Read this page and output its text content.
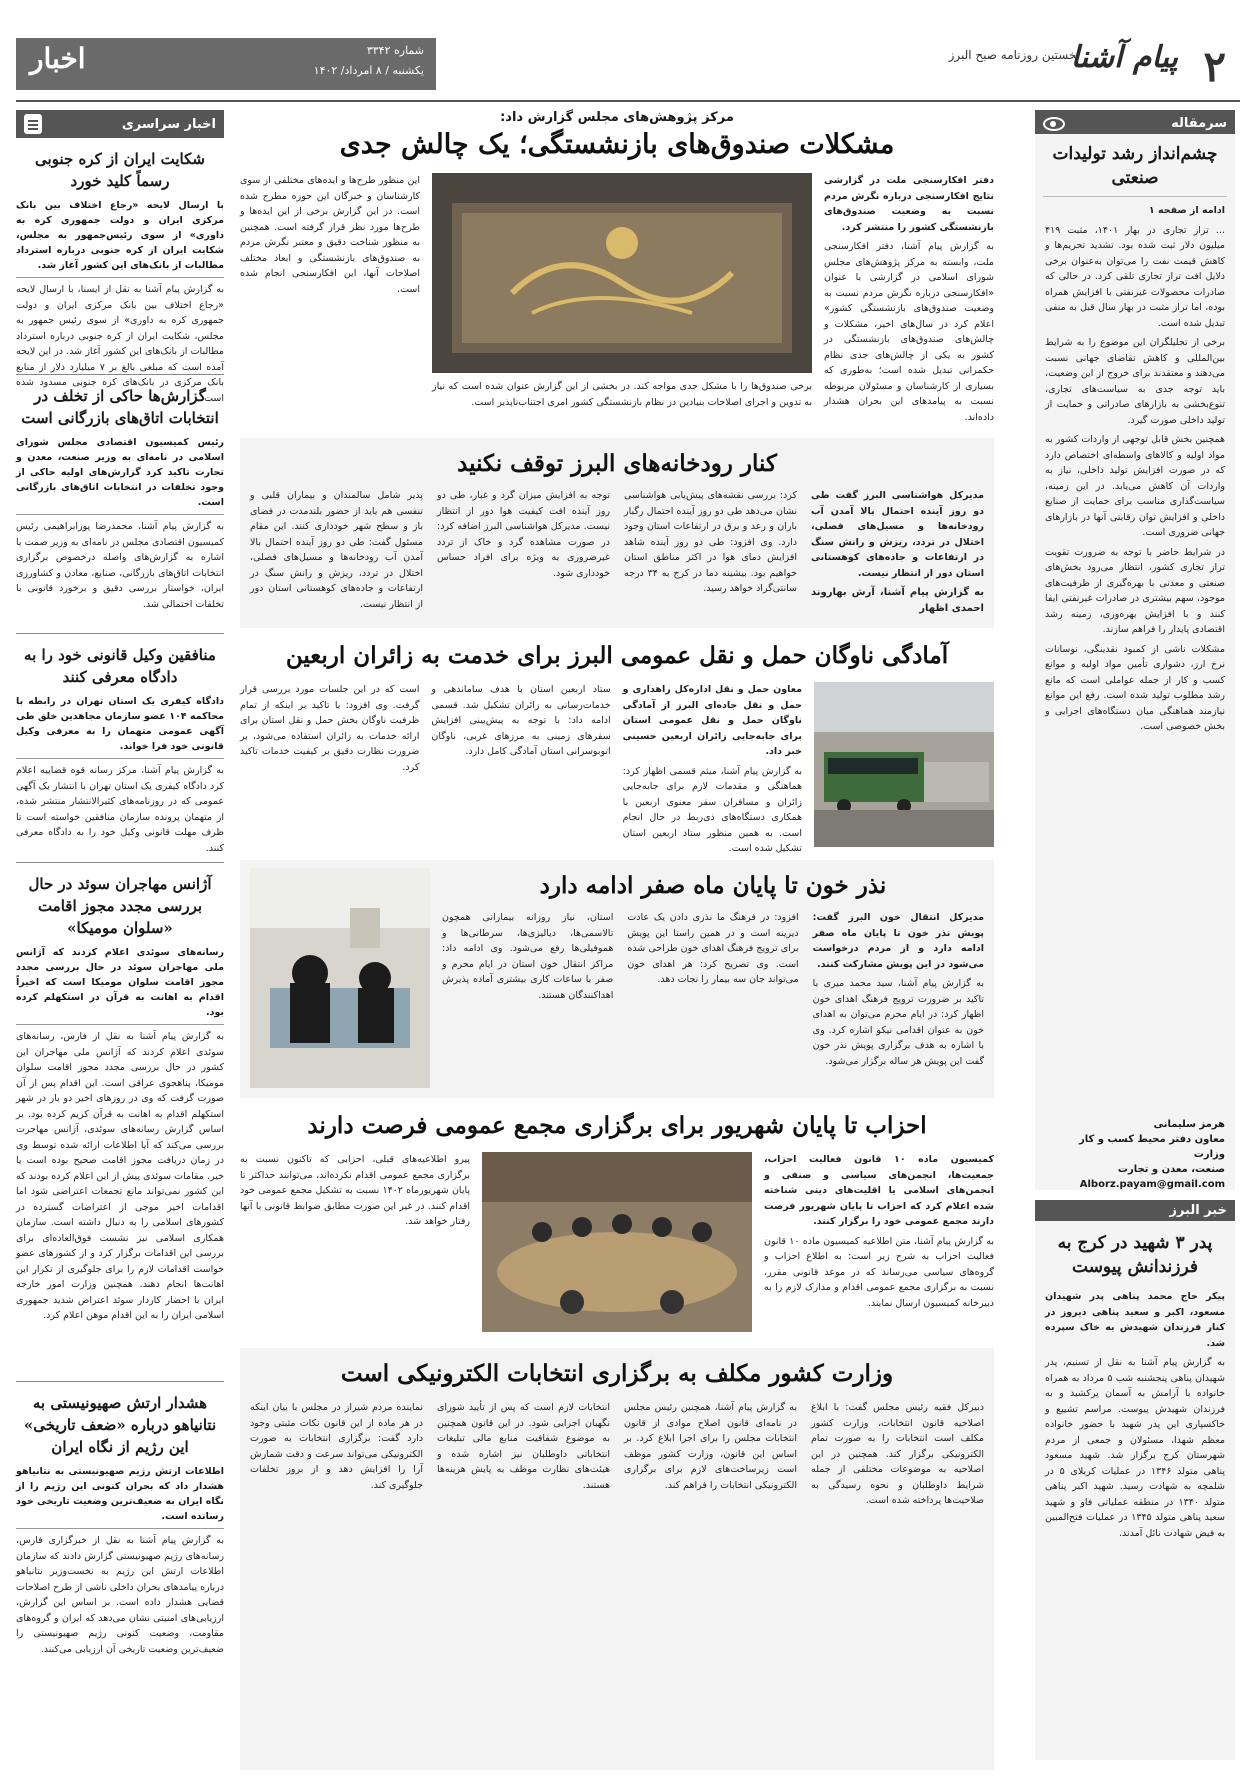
۲
پیام آشنا
نخستین روزنامه صبح البرز
اخبار	شماره ۳۳۴۲
یکشنبه / ۸ امرداد/ ۱۴۰۲
سرمقاله
چشم‌انداز رشد تولیدات صنعتی

ادامه از صفحه ۱

... تراز تجاری در بهار ۱۴۰۱، مثبت ۴۱۹ میلیون دلار ثبت شده بود. تشدید تحریم‌ها و کاهش قیمت نفت را می‌توان به‌عنوان برخی دلایل افت تراز تجاری تلقی کرد. در حالی که صادرات محصولات غیرنفتی با افزایش همراه بوده، اما تراز مثبت در بهار سال قبل به منفی تبدیل شده است.

برخی از تحلیلگران این موضوع را به شرایط بین‌المللی و کاهش تقاضای جهانی نسبت می‌دهند و معتقدند برای خروج از این وضعیت، باید توجه جدی به سیاست‌های تجاری، تنوع‌بخشی به بازارهای صادراتی و حمایت از تولید داخلی صورت گیرد.

همچنین بخش قابل توجهی از واردات کشور به مواد اولیه و کالاهای واسطه‌ای اختصاص دارد که در صورت افزایش تولید داخلی، نیاز به واردات آن کاهش می‌یابد. در این زمینه، سیاست‌گذاری مناسب برای حمایت از صنایع داخلی و افزایش توان رقابتی آنها در بازارهای جهانی ضروری است.

در شرایط حاضر با توجه به ضرورت تقویت تراز تجاری کشور، انتظار می‌رود بخش‌های صنعتی و معدنی با بهره‌گیری از ظرفیت‌های موجود، سهم بیشتری در صادرات غیرنفتی ایفا کنند و با افزایش بهره‌وری، زمینه رشد اقتصادی پایدار را فراهم سازند.

مشکلات ناشی از کمبود نقدینگی، نوسانات نرخ ارز، دشواری تأمین مواد اولیه و موانع کسب و کار از جمله عواملی است که مانع رشد مطلوب تولید شده است. رفع این موانع نیازمند هماهنگی میان دستگاه‌های اجرایی و بخش خصوصی است.

هرمز سلیمانی
معاون دفتر محیط کسب و کار وزارت
صنعت، معدن و تجارت
Alborz.payam@gmail.com
خبر البرز
پدر ۳ شهید در کرج به فرزندانش پیوست

پیکر حاج محمد پناهی پدر شهیدان مسعود، اکبر و سعید پناهی دیروز در کنار فرزندان شهیدش به خاک سپرده شد.

به گزارش پیام آشنا به نقل از تسنیم، پدر شهیدان پناهی پنجشنبه شب ۵ مرداد به همراه خانواده با آرامش به آسمان پرکشید و به فرزندان شهیدش پیوست. مراسم تشییع و خاکسپاری این پدر شهید با حضور خانواده معظم شهدا، مسئولان و جمعی از مردم شهرستان کرج برگزار شد. شهید مسعود پناهی متولد ۱۳۴۶ در عملیات کربلای ۵ در شلمچه به شهادت رسید. شهید اکبر پناهی متولد ۱۳۴۰ در منطقه عملیاتی فاو و شهید سعید پناهی متولد ۱۳۴۵ در عملیات فتح‌المبین به فیض شهادت نائل آمدند.

اخبار سراسری
شکایت ایران از کره جنوبی رسماً کلید خورد
با ارسال لایحه «رجاع اختلاف بین بانک مرکزی ایران و دولت جمهوری کره به داوری» از سوی رئیس‌جمهور به مجلس، شکایت ایران از کره جنوبی درباره استرداد مطالبات از بانک‌های این کشور آغاز شد.
به گزارش پیام آشنا به نقل از ایسنا، با ارسال لایحه «رجاع اختلاف بین بانک مرکزی ایران و دولت جمهوری کره به داوری» از سوی رئیس جمهور به مجلس، شکایت ایران از کره جنوبی درباره استرداد مطالبات از بانک‌های این کشور آغاز شد. در این لایحه آمده است که مبلغی بالغ بر ۷ میلیارد دلار از منابع بانک مرکزی در بانک‌های کره جنوبی مسدود شده است.
گزارش‌ها حاکی از تخلف در انتخابات اتاق‌های بازرگانی است
رئیس کمیسیون اقتصادی مجلس شورای اسلامی در نامه‌ای به وزیر صنعت، معدن و تجارت تاکید کرد گزارش‌های اولیه حاکی از وجود تخلفات در انتخابات اتاق‌های بازرگانی است.
به گزارش پیام آشنا، محمدرضا پورابراهیمی رئیس کمیسیون اقتصادی مجلس در نامه‌ای به وزیر صمت با اشاره به گزارش‌های واصله درخصوص برگزاری انتخابات اتاق‌های بازرگانی، صنایع، معادن و کشاورزی ایران، خواستار بررسی دقیق و برخورد قانونی با تخلفات احتمالی شد.
منافقین وکیل قانونی خود را به دادگاه معرفی کنند
دادگاه کیفری یک استان تهران در رابطه با محاکمه ۱۰۴ عضو سازمان مجاهدین خلق طی آگهی عمومی متهمان را به معرفی وکیل قانونی خود فرا خواند.
به گزارش پیام آشنا، مرکز رسانه قوه قضاییه اعلام کرد دادگاه کیفری یک استان تهران با انتشار یک آگهی عمومی که در روزنامه‌های کثیرالانتشار منتشر شده، از متهمان پرونده سازمان منافقین خواسته است تا ظرف مهلت قانونی وکیل خود را به دادگاه معرفی کنند.
آژانس مهاجران سوئد در حال بررسی مجدد مجوز اقامت «سلوان مومیکا»
رسانه‌های سوئدی اعلام کردند که آژانس ملی مهاجران سوئد در حال بررسی مجدد مجوز اقامت سلوان مومیکا است که اخیراً اقدام به اهانت به قرآن در استکهلم کرده بود.
به گزارش پیام آشنا به نقل از فارس، رسانه‌های سوئدی اعلام کردند که آژانس ملی مهاجران این کشور در حال بررسی مجدد مجوز اقامت سلوان مومیکا، پناهجوی عراقی است. این اقدام پس از آن صورت گرفت که وی در روزهای اخیر دو بار در شهر استکهلم اقدام به اهانت به قرآن کریم کرده بود. بر اساس گزارش رسانه‌های سوئدی، آژانس مهاجرت بررسی می‌کند که آیا اطلاعات ارائه شده توسط وی در زمان دریافت مجوز اقامت صحیح بوده است یا خیر. مقامات سوئدی پیش از این اعلام کرده بودند که این کشور نمی‌تواند مانع تجمعات اعتراضی شود اما اقدامات اخیر موجی از اعتراضات گسترده در کشورهای اسلامی را به دنبال داشته است. سازمان همکاری اسلامی نیز نشست فوق‌العاده‌ای برای بررسی این اقدامات برگزار کرد و از کشورهای عضو خواست اقدامات لازم را برای جلوگیری از تکرار این اهانت‌ها انجام دهند. همچنین وزارت امور خارجه ایران با احضار کاردار سوئد اعتراض شدید جمهوری اسلامی ایران را به این اقدام موهن اعلام کرد.
هشدار ارتش صهیونیستی به نتانیاهو درباره «ضعف تاریخی» این رژیم از نگاه ایران
اطلاعات ارتش رژیم صهیونیستی به نتانیاهو هشدار داد که بحران کنونی این رژیم را از نگاه ایران به ضعیف‌ترین وضعیت تاریخی خود رسانده است.
به گزارش پیام آشنا به نقل از خبرگزاری فارس، رسانه‌های رژیم صهیونیستی گزارش دادند که سازمان اطلاعات ارتش این رژیم به نخست‌وزیر نتانیاهو درباره پیامدهای بحران داخلی ناشی از طرح اصلاحات قضایی هشدار داده است. بر اساس این گزارش، ارزیابی‌های امنیتی نشان می‌دهد که ایران و گروه‌های مقاومت، وضعیت کنونی رژیم صهیونیستی را ضعیف‌ترین وضعیت تاریخی آن ارزیابی می‌کنند.
مرکز پژوهش‌های مجلس گزارش داد:
مشکلات صندوق‌های بازنشستگی؛ یک چالش جدی

دفتر افکارسنجی ملت در گزارشی نتایج افکارسنجی درباره نگرش مردم نسبت به وضعیت صندوق‌های بازنشستگی کشور را منتشر کرد.

به گزارش پیام آشنا، دفتر افکارسنجی ملت، وابسته به مرکز پژوهش‌های مجلس شورای اسلامی در گزارشی با عنوان «افکارسنجی درباره نگرش مردم نسبت به وضعیت صندوق‌های بازنشستگی کشور» اعلام کرد در سال‌های اخیر، مشکلات و چالش‌های صندوق‌های بازنشستگی در کشور به یکی از چالش‌های جدی نظام حکمرانی تبدیل شده است؛ به‌طوری که بسیاری از کارشناسان و مسئولان مربوطه نسبت به پیامدهای این بحران هشدار داده‌اند.

برخی صندوق‌ها را با مشکل جدی مواجه کند. در بخشی از این گزارش عنوان شده است که نیاز به تدوین و اجرای اصلاحات بنیادین در نظام بازنشستگی کشور امری اجتناب‌ناپذیر است.

این منظور طرح‌ها و ایده‌های مختلفی از سوی کارشناسان و خبرگان این حوزه مطرح شده است. در این گزارش برخی از این ایده‌ها و طرح‌ها مورد نظر قرار گرفته است. همچنین به منظور شناخت دقیق و معتبر نگرش مردم به صندوق‌های بازنشستگی و ابعاد مختلف اصلاحات آنها، این افکارسنجی انجام شده است.
کنار رودخانه‌های البرز توقف نکنید

مدیرکل هواشناسی البرز گفت طی دو روز آینده احتمال بالا آمدن آب رودخانه‌ها و مسیل‌های فصلی، اختلال در تردد، ریزش و رانش سنگ در ارتفاعات و جاده‌های کوهستانی استان دور از انتظار نیست.

به گزارش پیام آشنا، آرش بهاروند احمدی اظهار

کرد: بررسی نقشه‌های پیش‌یابی هواشناسی نشان می‌دهد طی دو روز آینده احتمال رگبار باران و رعد و برق در ارتفاعات استان وجود دارد. وی افزود: طی دو روز آینده شاهد افزایش دمای هوا در اکثر مناطق استان خواهیم بود. بیشینه دما در کرج به ۳۴ درجه سانتی‌گراد خواهد رسید.
توجه به افزایش میزان گرد و غبار، طی دو روز آینده افت کیفیت هوا دور از انتظار نیست. مدیرکل هواشناسی البرز اضافه کرد: در صورت مشاهده گرد و خاک از تردد غیرضروری به ویژه برای افراد حساس خودداری شود.
پذیر شامل سالمندان و بیماران قلبی و تنفسی هم باید از حضور بلندمدت در فضای باز و سطح شهر خودداری کنند. این مقام مسئول گفت: طی دو روز آینده احتمال بالا آمدن آب رودخانه‌ها و مسیل‌های فصلی، اختلال در تردد، ریزش و رانش سنگ در ارتفاعات و جاده‌های کوهستانی استان دور از انتظار نیست.
آمادگی ناوگان حمل و نقل عمومی البرز برای خدمت به زائران اربعین

معاون حمل و نقل اداره‌کل راهداری و حمل و نقل جاده‌ای البرز از آمادگی ناوگان حمل و نقل عمومی استان برای جابه‌جایی زائران اربعین حسینی خبر داد.

به گزارش پیام آشنا، میثم قسمی اظهار کرد: هماهنگی و مقدمات لازم برای جابه‌جایی زائران و مسافران سفر معنوی اربعین با همکاری دستگاه‌های ذی‌ربط در حال انجام است. به همین منظور ستاد اربعین استان تشکیل شده است.

ستاد اربعین استان با هدف ساماندهی و خدمات‌رسانی به زائران تشکیل شد. قسمی ادامه داد: با توجه به پیش‌بینی افزایش سفرهای زمینی به مرزهای غربی، ناوگان اتوبوسرانی استان آمادگی کامل دارد.
است که در این جلسات مورد بررسی قرار گرفت. وی افزود: با تاکید بر اینکه از تمام ظرفیت ناوگان بخش حمل و نقل استان برای ارائه خدمات به زائران استفاده می‌شود، بر ضرورت نظارت دقیق بر کیفیت خدمات تاکید کرد.
نذر خون تا پایان ماه صفر ادامه دارد

مدیرکل انتقال خون البرز گفت: پویش نذر خون تا پایان ماه صفر ادامه دارد و از مردم درخواست می‌شود در این پویش مشارکت کنند.

به گزارش پیام آشنا، سید محمد میری با تاکید بر ضرورت ترویج فرهنگ اهدای خون اظهار کرد: در ایام محرم می‌توان به اهدای خون به عنوان اقدامی نیکو اشاره کرد. وی با اشاره به هدف برگزاری پویش نذر خون گفت این پویش هر ساله برگزار می‌شود.

افزود: در فرهنگ ما نذری دادن یک عادت دیرینه است و در همین راستا این پویش برای ترویج فرهنگ اهدای خون طراحی شده است. وی تصریح کرد: هر اهدای خون می‌تواند جان سه بیمار را نجات دهد.
استان، نیاز روزانه بیمارانی همچون تالاسمی‌ها، دیالیزی‌ها، سرطانی‌ها و هموفیلی‌ها رفع می‌شود. وی ادامه داد: مراکز انتقال خون استان در ایام محرم و صفر با ساعات کاری بیشتری آماده پذیرش اهداکنندگان هستند.
احزاب تا پایان شهریور برای برگزاری مجمع عمومی فرصت دارند

کمیسیون ماده ۱۰ قانون فعالیت احزاب، جمعیت‌ها، انجمن‌های سیاسی و صنفی و انجمن‌های اسلامی یا اقلیت‌های دینی شناخته شده اعلام کرد که احزاب تا پایان شهریور فرصت دارند مجمع عمومی خود را برگزار کنند.

به گزارش پیام آشنا، متن اطلاعیه کمیسیون ماده ۱۰ قانون فعالیت احزاب به شرح زیر است: به اطلاع احزاب و گروه‌های سیاسی می‌رساند که در موعد قانونی مقرر، نسبت به برگزاری مجمع عمومی اقدام و مدارک لازم را به دبیرخانه کمیسیون ارسال نمایند.

پیرو اطلاعیه‌های قبلی، احزابی که تاکنون نسبت به برگزاری مجمع عمومی اقدام نکرده‌اند، می‌توانند حداکثر تا پایان شهریورماه ۱۴۰۲ نسبت به تشکیل مجمع عمومی خود اقدام کنند. در غیر این صورت مطابق ضوابط قانونی با آنها رفتار خواهد شد.
وزارت کشور مکلف به برگزاری انتخابات الکترونیکی است
دبیرکل فقیه رئیس مجلس گفت: با ابلاغ اصلاحیه قانون انتخابات، وزارت کشور مکلف است انتخابات را به صورت تمام الکترونیکی برگزار کند. همچنین در این اصلاحیه به موضوعات مختلفی از جمله شرایط داوطلبان و نحوه رسیدگی به صلاحیت‌ها پرداخته شده است.
به گزارش پیام آشنا، همچنین رئیس مجلس در نامه‌ای قانون اصلاح موادی از قانون انتخابات مجلس را برای اجرا ابلاغ کرد. بر اساس این قانون، وزارت کشور موظف است زیرساخت‌های لازم برای برگزاری الکترونیکی انتخابات را فراهم کند.
انتخابات لازم است که پس از تأیید شورای نگهبان اجرایی شود. در این قانون همچنین به موضوع شفافیت منابع مالی تبلیغات انتخاباتی داوطلبان نیز اشاره شده و هیئت‌های نظارت موظف به پایش هزینه‌ها هستند.
نماینده مردم شیراز در مجلس با بیان اینکه در هر ماده از این قانون نکات مثبتی وجود دارد گفت: برگزاری انتخابات به صورت الکترونیکی می‌تواند سرعت و دقت شمارش آرا را افزایش دهد و از بروز تخلفات جلوگیری کند.
